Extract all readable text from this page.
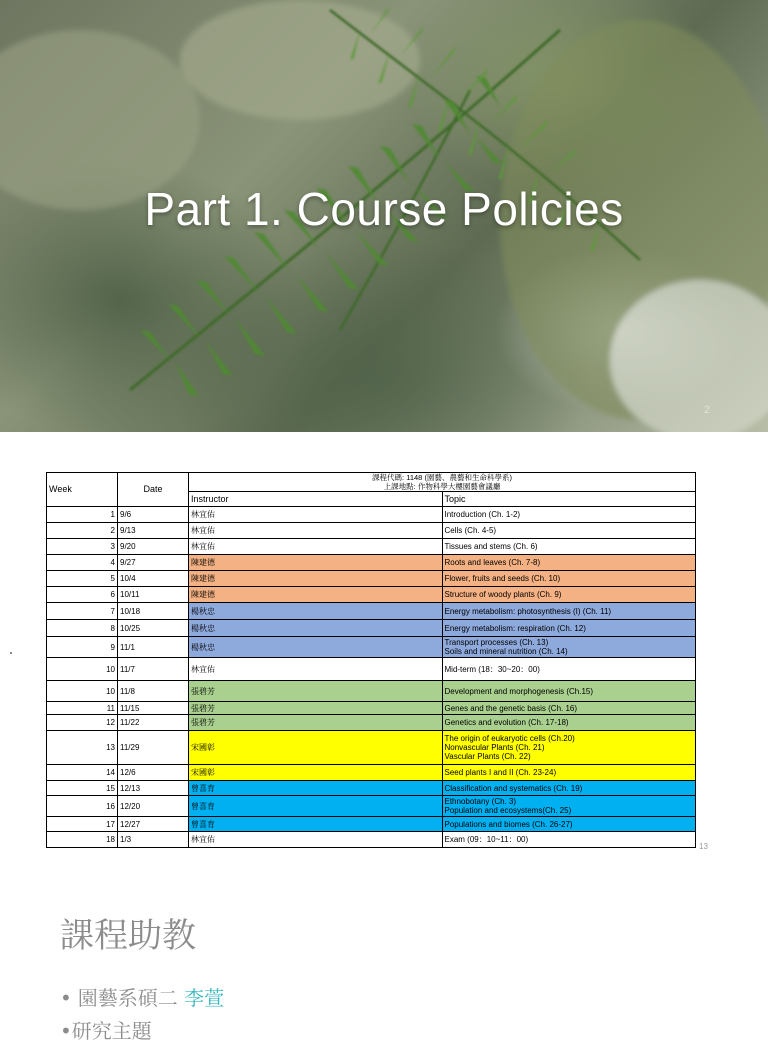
Part 1. Course Policies
2
Week	Date	課程代碼: 1148 (園藝、農藝和生命科學系)
上課地點: 作物科學大樓園藝會議廳	

		Instructor	Topic
1	9/6	林宜佑	Introduction (Ch. 1-2)

2	9/13	林宜佑	Cells (Ch. 4-5)

3	9/20	林宜佑	Tissues and stems (Ch. 6)

4	9/27	陳建德	Roots and leaves (Ch. 7-8)

5	10/4	陳建德	Flower, fruits and seeds (Ch. 10)

6	10/11	陳建德	Structure of woody plants (Ch. 9)

7	10/18	楊秋忠	Energy metabolism: photosynthesis (I) (Ch. 11)

8	10/25	楊秋忠	Energy metabolism: respiration (Ch. 12)

9	11/1	楊秋忠	Transport processes (Ch. 13)
Soils and mineral nutrition (Ch. 14)

10	11/7	林宜佑	Mid-term (18：30~20：00)

10	11/8	張碧芳	Development and morphogenesis (Ch.15)

11	11/15	張碧芳	Genes and the genetic basis (Ch. 16)

12	11/22	張碧芳	Genetics and evolution (Ch. 17-18)

13	11/29	宋國彰	The origin of eukaryotic cells (Ch.20)
Nonvascular Plants (Ch. 21)
Vascular Plants (Ch. 22)

14	12/6	宋國彰	Seed plants I and II (Ch. 23-24)

15	12/13	曾喜育	Classification and systematics (Ch. 19)

16	12/20	曾喜育	Ethnobotany (Ch. 3)
Population and ecosystems(Ch. 25)

17	12/27	曾喜育	Populations and biomes (Ch. 26-27)

18	1/3	林宜佑	Exam (09：10~11：00)
13
課程助教
• 園藝系碩二 李萱
•研究主題
